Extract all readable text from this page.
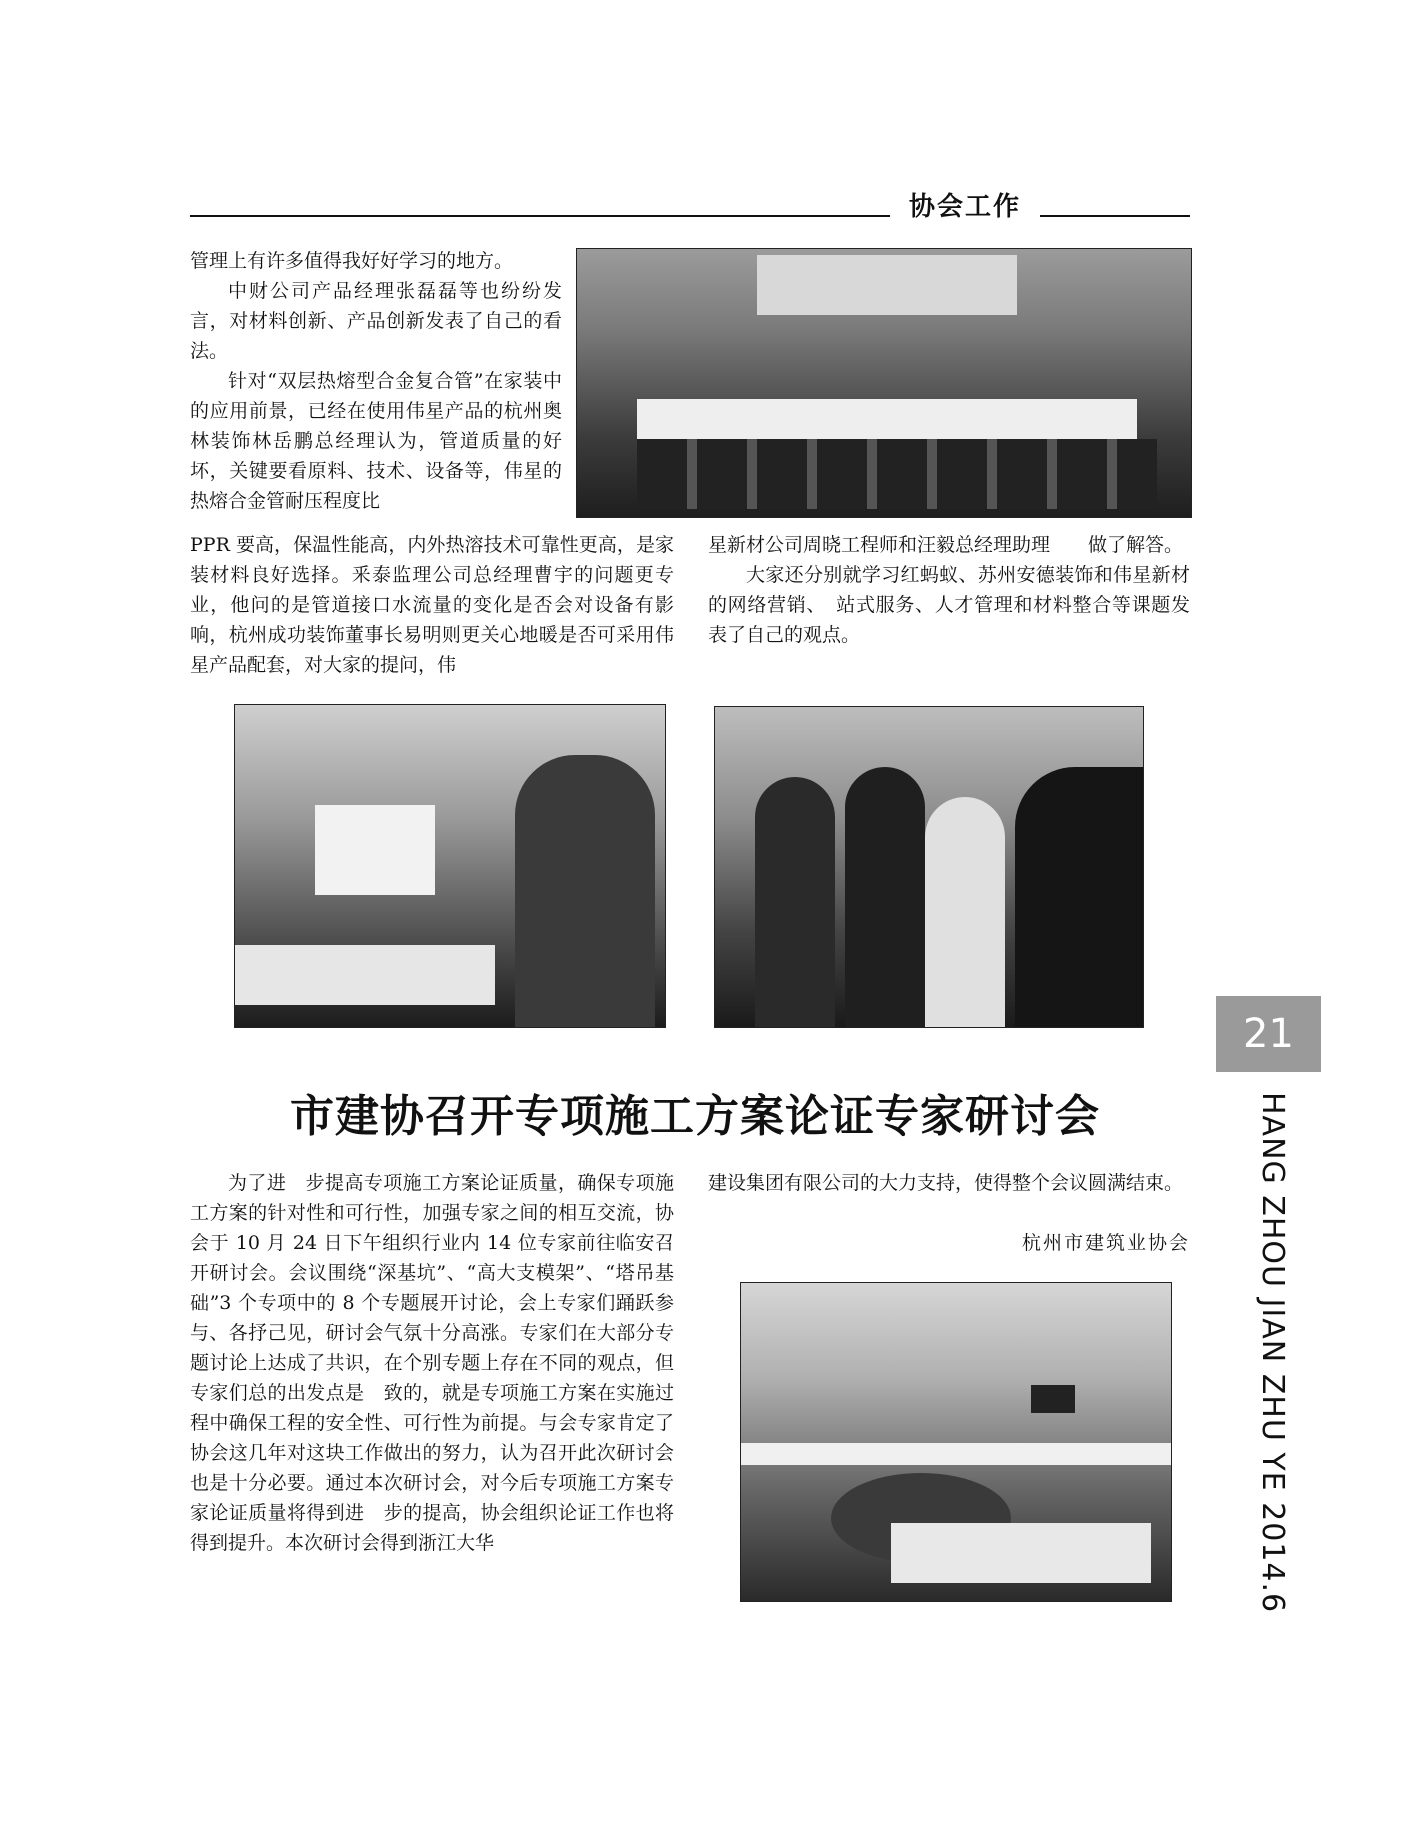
协会工作

管理上有许多值得我好好学习的地方。

中财公司产品经理张磊磊等也纷纷发言，对材料创新、产品创新发表了自己的看法。

针对“双层热熔型合金复合管”在家装中的应用前景，已经在使用伟星产品的杭州奥林装饰林岳鹏总经理认为，管道质量的好坏，关键要看原料、技术、设备等，伟星的热熔合金管耐压程度比

PPR 要高，保温性能高，内外热溶技术可靠性更高，是家装材料良好选择。釆泰监理公司总经理曹宇的问题更专业，他问的是管道接口水流量的变化是否会对设备有影响，杭州成功装饰董事长易明则更关心地暖是否可采用伟星产品配套，对大家的提问，伟

星新材公司周晓工程师和汪毅总经理助理　　做了解答。

大家还分别就学习红蚂蚁、苏州安德装饰和伟星新材的网络营销、　站式服务、人才管理和材料整合等课题发表了自己的观点。

21
HANG ZHOU JIAN ZHU YE 2014.6
市建协召开专项施工方案论证专家研讨会

为了进　步提高专项施工方案论证质量，确保专项施工方案的针对性和可行性，加强专家之间的相互交流，协会于 10 月 24 日下午组织行业内 14 位专家前往临安召开研讨会。会议围绕“深基坑”、“高大支模架”、“塔吊基础”3 个专项中的 8 个专题展开讨论，会上专家们踊跃参与、各抒己见，研讨会气氛十分高涨。专家们在大部分专题讨论上达成了共识，在个别专题上存在不同的观点，但专家们总的出发点是　致的，就是专项施工方案在实施过程中确保工程的安全性、可行性为前提。与会专家肯定了协会这几年对这块工作做出的努力，认为召开此次研讨会也是十分必要。通过本次研讨会，对今后专项施工方案专家论证质量将得到进　步的提高，协会组织论证工作也将得到提升。本次研讨会得到浙江大华

建设集团有限公司的大力支持，使得整个会议圆满结束。

杭州市建筑业协会
